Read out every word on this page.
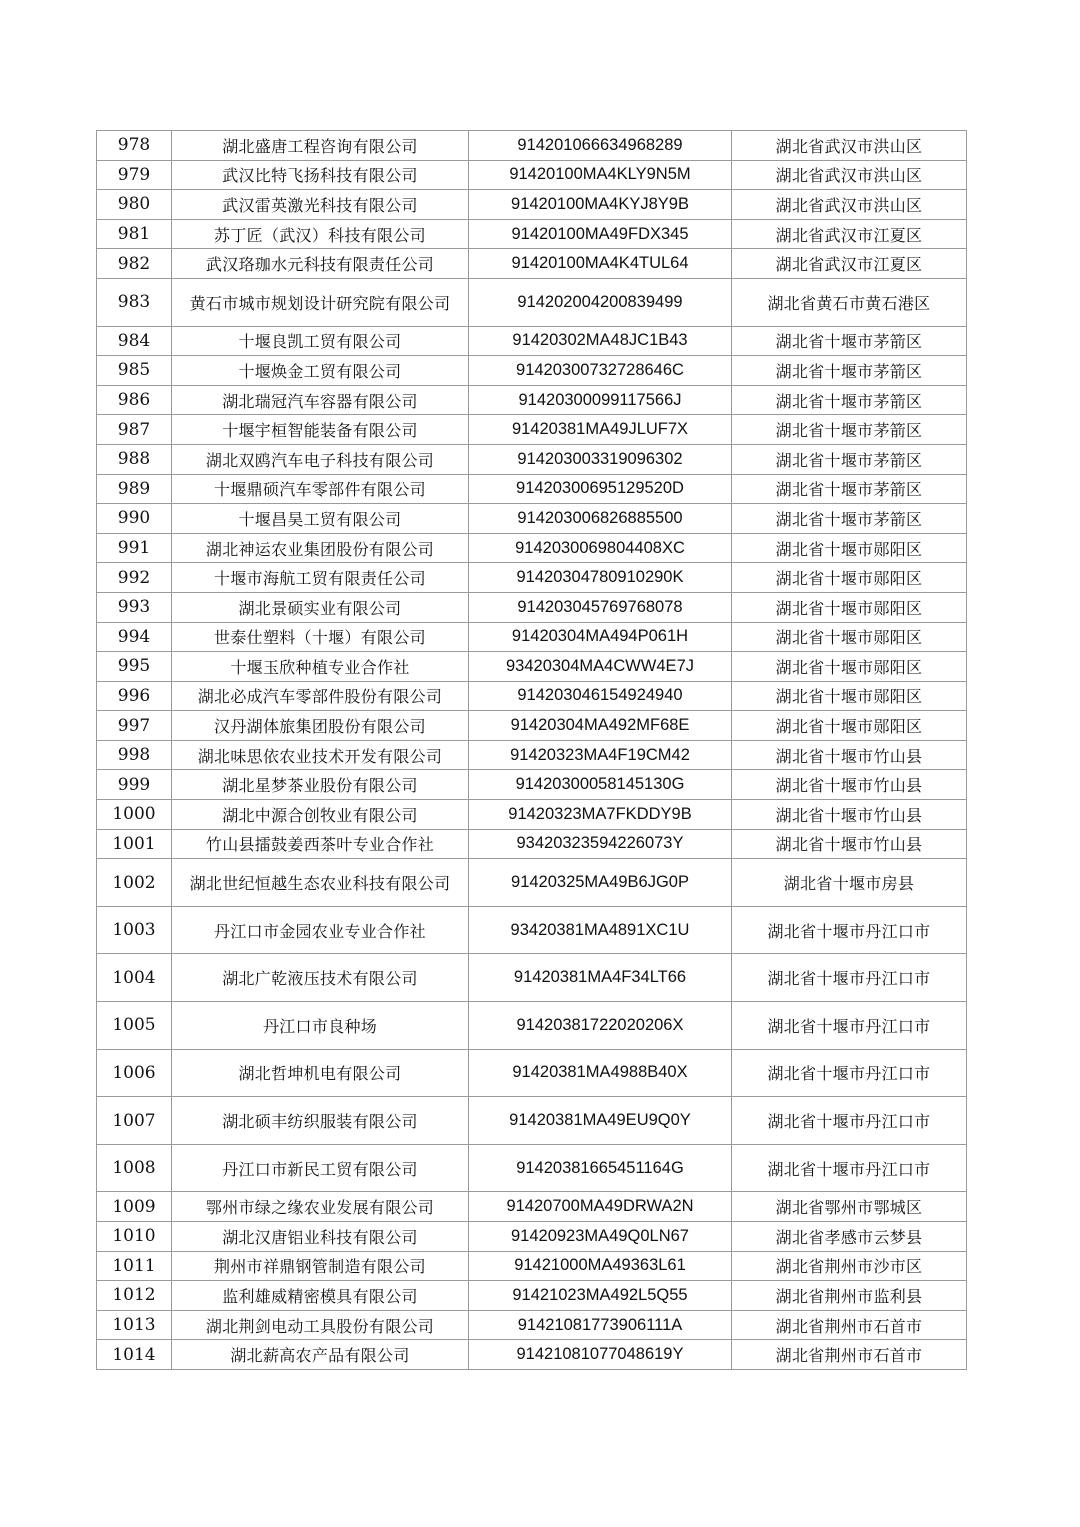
978	湖北盛唐工程咨询有限公司	914201066634968289	湖北省武汉市洪山区
979	武汉比特飞扬科技有限公司	91420100MA4KLY9N5M	湖北省武汉市洪山区
980	武汉雷英激光科技有限公司	91420100MA4KYJ8Y9B	湖北省武汉市洪山区
981	苏丁匠（武汉）科技有限公司	91420100MA49FDX345	湖北省武汉市江夏区
982	武汉珞珈水元科技有限责任公司	91420100MA4K4TUL64	湖北省武汉市江夏区
983	黄石市城市规划设计研究院有限公司	914202004200839499	湖北省黄石市黄石港区
984	十堰良凯工贸有限公司	91420302MA48JC1B43	湖北省十堰市茅箭区
985	十堰焕金工贸有限公司	91420300732728646C	湖北省十堰市茅箭区
986	湖北瑞冠汽车容器有限公司	91420300099117566J	湖北省十堰市茅箭区
987	十堰宇桓智能装备有限公司	91420381MA49JLUF7X	湖北省十堰市茅箭区
988	湖北双鸥汽车电子科技有限公司	914203003319096302	湖北省十堰市茅箭区
989	十堰鼎硕汽车零部件有限公司	91420300695129520D	湖北省十堰市茅箭区
990	十堰昌昊工贸有限公司	914203006826885500	湖北省十堰市茅箭区
991	湖北神运农业集团股份有限公司	9142030069804408XC	湖北省十堰市郧阳区
992	十堰市海航工贸有限责任公司	91420304780910290K	湖北省十堰市郧阳区
993	湖北景硕实业有限公司	914203045769768078	湖北省十堰市郧阳区
994	世泰仕塑料（十堰）有限公司	91420304MA494P061H	湖北省十堰市郧阳区
995	十堰玉欣种植专业合作社	93420304MA4CWW4E7J	湖北省十堰市郧阳区
996	湖北必成汽车零部件股份有限公司	914203046154924940	湖北省十堰市郧阳区
997	汉丹湖体旅集团股份有限公司	91420304MA492MF68E	湖北省十堰市郧阳区
998	湖北味思依农业技术开发有限公司	91420323MA4F19CM42	湖北省十堰市竹山县
999	湖北星梦茶业股份有限公司	91420300058145130G	湖北省十堰市竹山县
1000	湖北中源合创牧业有限公司	91420323MA7FKDDY9B	湖北省十堰市竹山县
1001	竹山县擂鼓姜西茶叶专业合作社	93420323594226073Y	湖北省十堰市竹山县
1002	湖北世纪恒越生态农业科技有限公司	91420325MA49B6JG0P	湖北省十堰市房县
1003	丹江口市金园农业专业合作社	93420381MA4891XC1U	湖北省十堰市丹江口市
1004	湖北广乾液压技术有限公司	91420381MA4F34LT66	湖北省十堰市丹江口市
1005	丹江口市良种场	91420381722020206X	湖北省十堰市丹江口市
1006	湖北哲坤机电有限公司	91420381MA4988B40X	湖北省十堰市丹江口市
1007	湖北硕丰纺织服装有限公司	91420381MA49EU9Q0Y	湖北省十堰市丹江口市
1008	丹江口市新民工贸有限公司	91420381665451164G	湖北省十堰市丹江口市
1009	鄂州市绿之缘农业发展有限公司	91420700MA49DRWA2N	湖北省鄂州市鄂城区
1010	湖北汉唐铝业科技有限公司	91420923MA49Q0LN67	湖北省孝感市云梦县
1011	荆州市祥鼎钢管制造有限公司	91421000MA49363L61	湖北省荆州市沙市区
1012	监利雄威精密模具有限公司	91421023MA492L5Q55	湖北省荆州市监利县
1013	湖北荆剑电动工具股份有限公司	91421081773906111A	湖北省荆州市石首市
1014	湖北薪高农产品有限公司	91421081077048619Y	湖北省荆州市石首市
